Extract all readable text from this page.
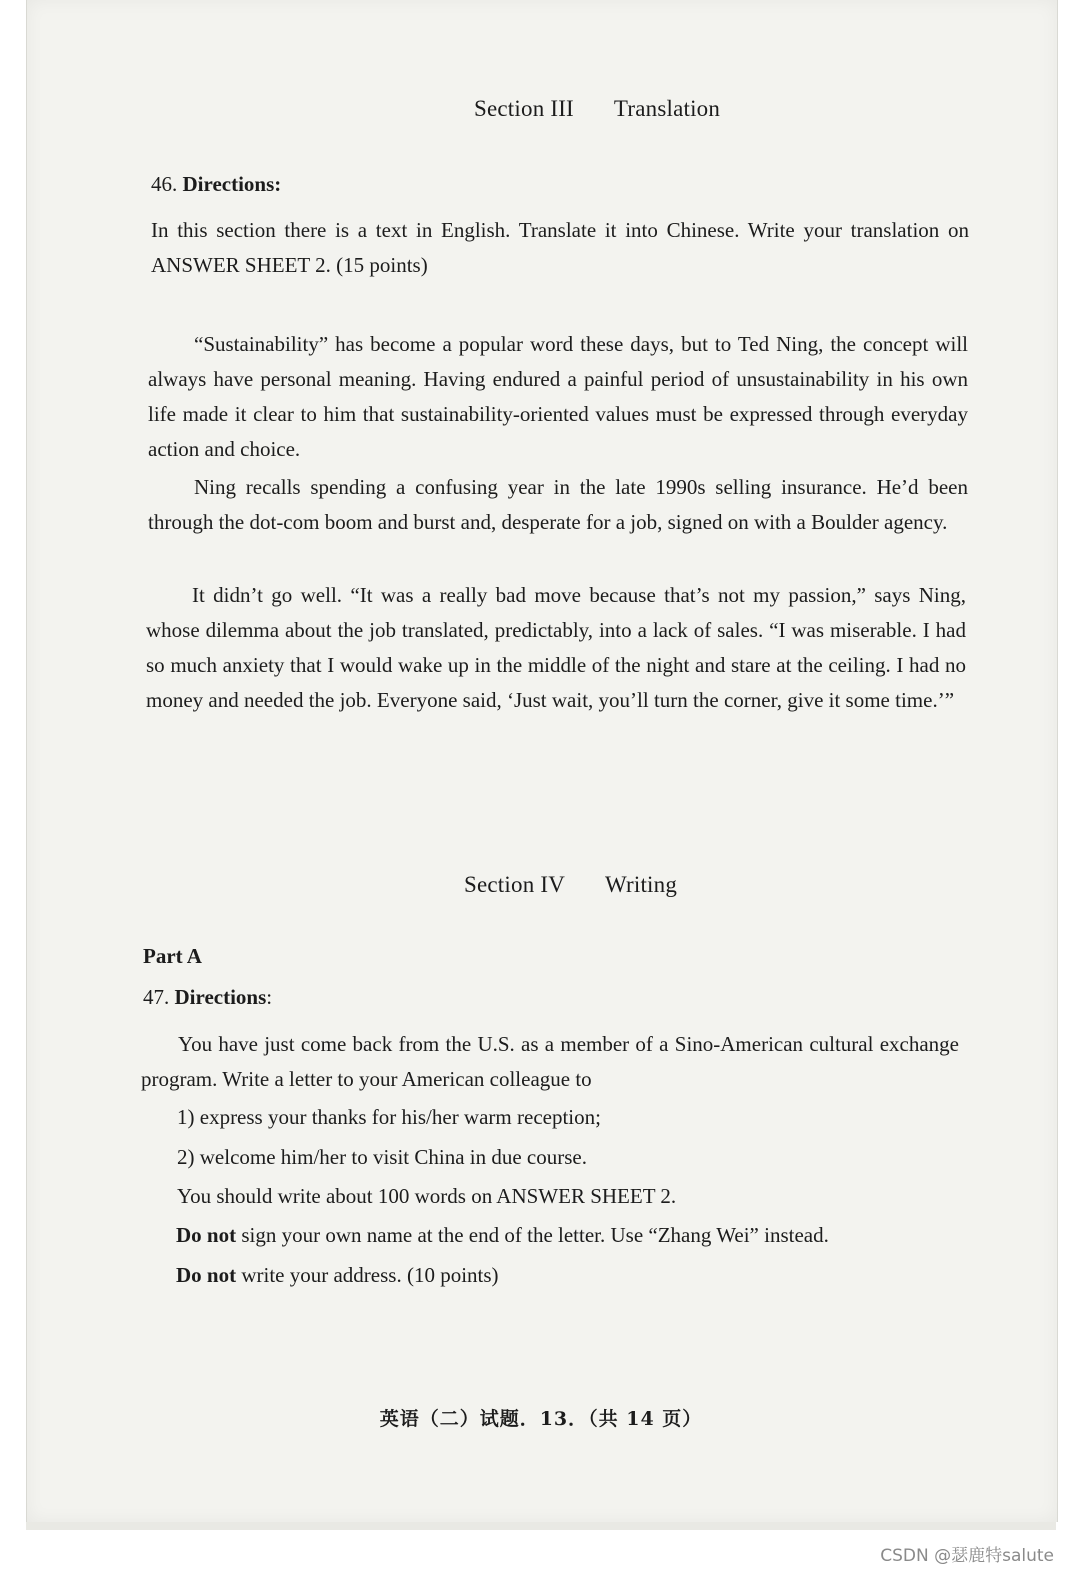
Section III Translation
46. Directions:

In this section there is a text in English. Translate it into Chinese. Write your translation on ANSWER SHEET 2. (15 points)

“Sustainability” has become a popular word these days, but to Ted Ning, the concept will always have personal meaning. Having endured a painful period of unsustainability in his own life made it clear to him that sustainability-oriented values must be expressed through everyday action and choice.

Ning recalls spending a confusing year in the late 1990s selling insurance. He’d been through the dot-com boom and burst and, desperate for a job, signed on with a Boulder agency.

It didn’t go well. “It was a really bad move because that’s not my passion,” says Ning, whose dilemma about the job translated, predictably, into a lack of sales. “I was miserable. I had so much anxiety that I would wake up in the middle of the night and stare at the ceiling. I had no money and needed the job. Everyone said, ‘Just wait, you’ll turn the corner, give it some time.’”

Section IV Writing
Part A
47. Directions:

You have just come back from the U.S. as a member of a Sino-American cultural exchange program. Write a letter to your American colleague to

1) express your thanks for his/her warm reception;
2) welcome him/her to visit China in due course.
You should write about 100 words on ANSWER SHEET 2.
Do not sign your own name at the end of the letter. Use “Zhang Wei” instead.
Do not write your address. (10 points)
英语（二）试题．13．（共 14 页）
CSDN @瑟鹿特salute
